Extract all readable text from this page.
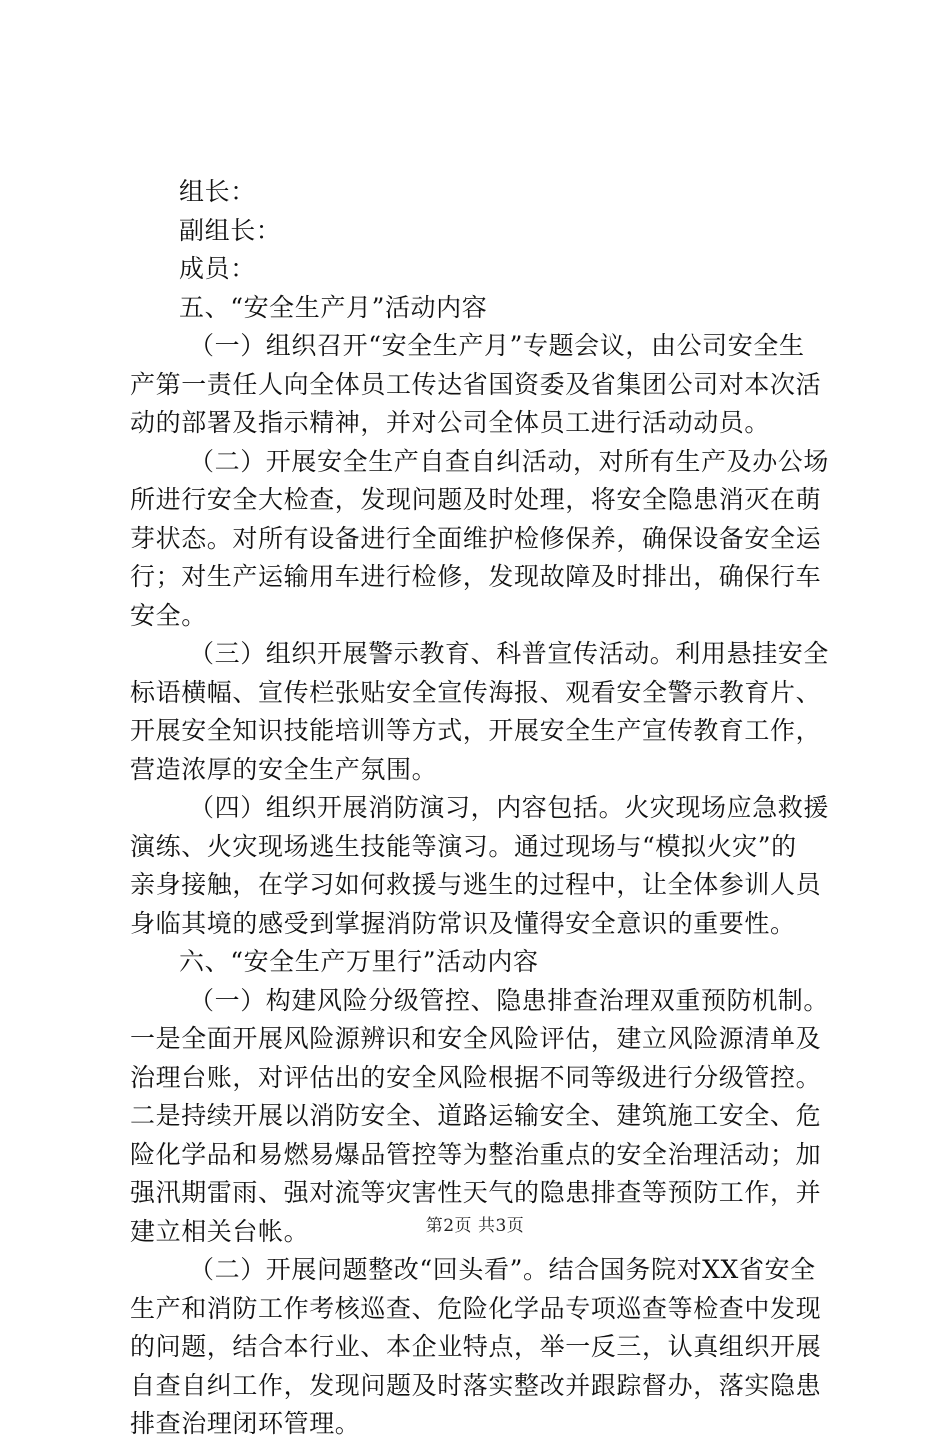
组长：
副组长：
成员：
五、“安全生产月”活动内容
（一）组织召开“安全生产月”专题会议，由公司安全生
产第一责任人向全体员工传达省国资委及省集团公司对本次活
动的部署及指示精神，并对公司全体员工进行活动动员。
（二）开展安全生产自查自纠活动，对所有生产及办公场
所进行安全大检查，发现问题及时处理，将安全隐患消灭在萌
芽状态。对所有设备进行全面维护检修保养，确保设备安全运
行；对生产运输用车进行检修，发现故障及时排出，确保行车
安全。
（三）组织开展警示教育、科普宣传活动。利用悬挂安全
标语横幅、宣传栏张贴安全宣传海报、观看安全警示教育片、
开展安全知识技能培训等方式，开展安全生产宣传教育工作，
营造浓厚的安全生产氛围。
（四）组织开展消防演习，内容包括。火灾现场应急救援
演练、火灾现场逃生技能等演习。通过现场与“模拟火灾”的
亲身接触，在学习如何救援与逃生的过程中，让全体参训人员
身临其境的感受到掌握消防常识及懂得安全意识的重要性。
六、“安全生产万里行”活动内容
（一）构建风险分级管控、隐患排查治理双重预防机制。
一是全面开展风险源辨识和安全风险评估，建立风险源清单及
治理台账，对评估出的安全风险根据不同等级进行分级管控。
二是持续开展以消防安全、道路运输安全、建筑施工安全、危
险化学品和易燃易爆品管控等为整治重点的安全治理活动；加
强汛期雷雨、强对流等灾害性天气的隐患排查等预防工作，并
建立相关台帐。
（二）开展问题整改“回头看”。结合国务院对XX省安全
生产和消防工作考核巡查、危险化学品专项巡查等检查中发现
的问题，结合本行业、本企业特点，举一反三，认真组织开展
自查自纠工作，发现问题及时落实整改并跟踪督办，落实隐患
排查治理闭环管理。
第2页 共3页
